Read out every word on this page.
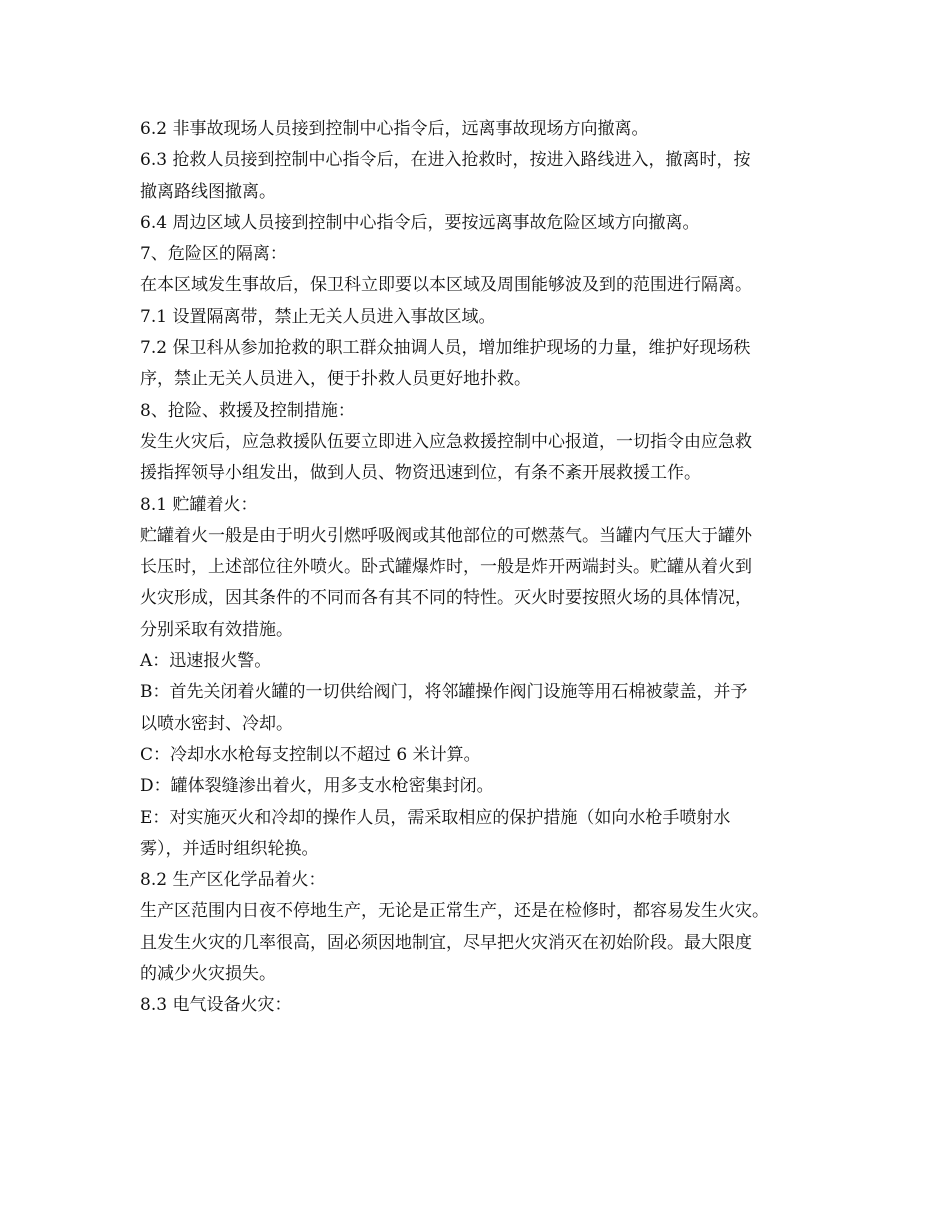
6.2 非事故现场人员接到控制中心指令后，远离事故现场方向撤离。
6.3 抢救人员接到控制中心指令后，在进入抢救时，按进入路线进入，撤离时，按
撤离路线图撤离。
6.4 周边区域人员接到控制中心指令后，要按远离事故危险区域方向撤离。
7、危险区的隔离：
在本区域发生事故后，保卫科立即要以本区域及周围能够波及到的范围进行隔离。
7.1 设置隔离带，禁止无关人员进入事故区域。
7.2 保卫科从参加抢救的职工群众抽调人员，增加维护现场的力量，维护好现场秩
序，禁止无关人员进入，便于扑救人员更好地扑救。
8、抢险、救援及控制措施：
发生火灾后，应急救援队伍要立即进入应急救援控制中心报道，一切指令由应急救
援指挥领导小组发出，做到人员、物资迅速到位，有条不紊开展救援工作。
8.1 贮罐着火：
贮罐着火一般是由于明火引燃呼吸阀或其他部位的可燃蒸气。当罐内气压大于罐外
长压时，上述部位往外喷火。卧式罐爆炸时，一般是炸开两端封头。贮罐从着火到
火灾形成，因其条件的不同而各有其不同的特性。灭火时要按照火场的具体情况，
分别采取有效措施。
A：迅速报火警。
B：首先关闭着火罐的一切供给阀门，将邻罐操作阀门设施等用石棉被蒙盖，并予
以喷水密封、冷却。
C：冷却水水枪每支控制以不超过 6 米计算。
D：罐体裂缝渗出着火，用多支水枪密集封闭。
E：对实施灭火和冷却的操作人员，需采取相应的保护措施（如向水枪手喷射水
雾），并适时组织轮换。
8.2 生产区化学品着火：
生产区范围内日夜不停地生产，无论是正常生产，还是在检修时，都容易发生火灾。
且发生火灾的几率很高，固必须因地制宜，尽早把火灾消灭在初始阶段。最大限度
的减少火灾损失。
8.3 电气设备火灾：
